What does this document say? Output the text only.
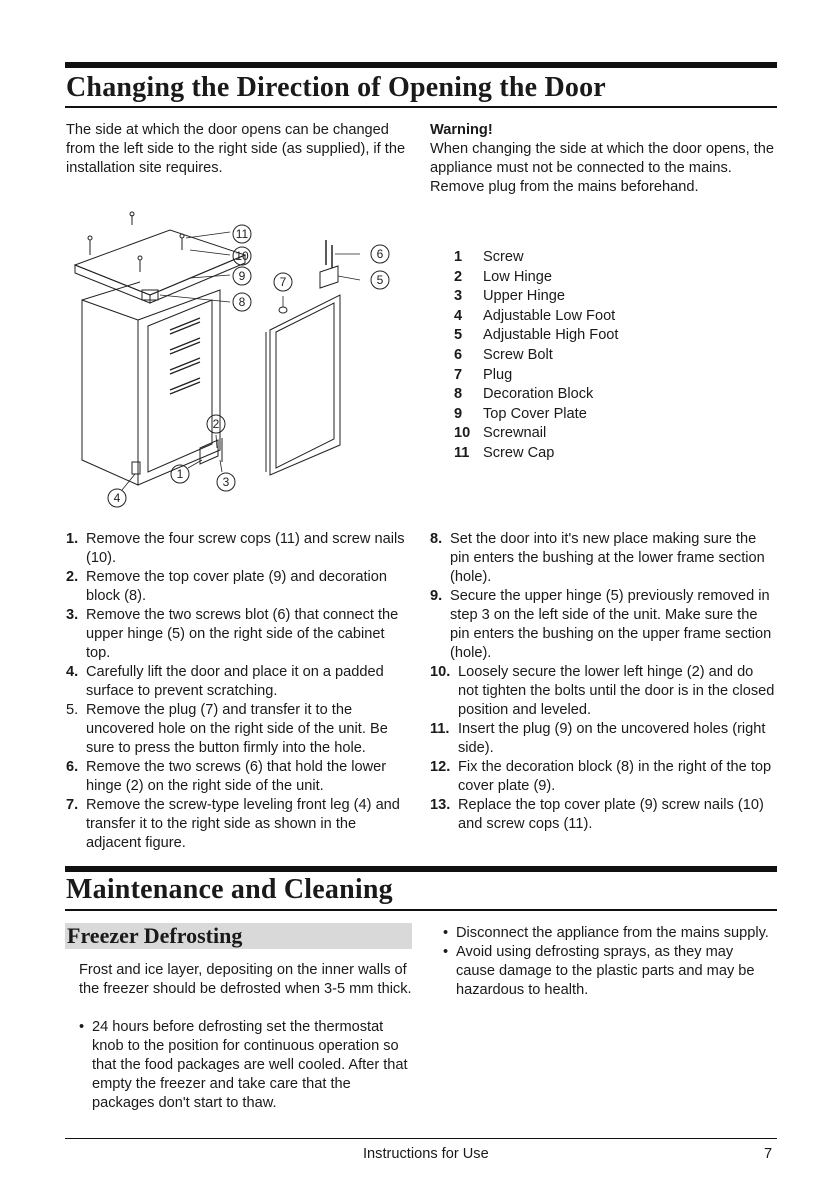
Changing the Direction of Opening the Door

The side at which the door opens can be changed from the left side to the right side (as supplied), if the installation site requires.

Warning!
When changing the side at which the door opens, the appliance must not be connected to the mains. Remove plug from the mains beforehand.
11
10
9
8
7
6
5
2
1
3
4
1	Screw
2	Low Hinge
3	Upper Hinge
4	Adjustable Low Foot
5	Adjustable High Foot
6	Screw Bolt
7	Plug
8	Decoration Block
9	Top Cover Plate
10 Screwnail
11 Screw Cap
1. Remove the four screw cops (11) and screw nails (10).
2. Remove the top cover plate (9) and decoration block (8).
3. Remove the two screws blot (6) that connect the upper hinge (5) on the right side of the cabinet top.
4. Carefully lift the door and place it on a padded surface to prevent scratching.
5. Remove the plug (7) and transfer it to the uncovered hole on the right side of the unit. Be sure to press the button firmly into the hole.
6. Remove the two screws (6) that hold the lower hinge (2) on the right side of the unit.
7. Remove the screw-type leveling front leg (4) and transfer it to the right side as shown in the adjacent figure.
8. Set the door into it's new place making sure the pin enters the bushing at the lower frame section (hole).
9. Secure the upper hinge (5) previously removed in step 3 on the left side of the unit. Make sure the pin enters the bushing on the upper frame section (hole).
10. Loosely secure the lower left hinge (2) and do not tighten the bolts until the door is in the closed position and leveled.
11. Insert the plug (9) on the uncovered holes (right side).
12. Fix the decoration block (8) in the right of the top cover plate (9).
13. Replace the top cover plate (9) screw nails (10) and screw cops (11).
Maintenance and Cleaning
Freezer Defrosting

Frost and ice layer, depositing on the inner walls of the freezer should be defrosted when 3-5 mm thick.

• 24 hours before defrosting set the thermostat knob to the position for continuous operation so that the food packages are well cooled. After that empty the freezer and take care that the packages don't start to thaw.
• Disconnect the appliance from the mains supply.
• Avoid using defrosting sprays, as they may cause damage to the plastic parts and may be hazardous to health.
Instructions for Use	7
